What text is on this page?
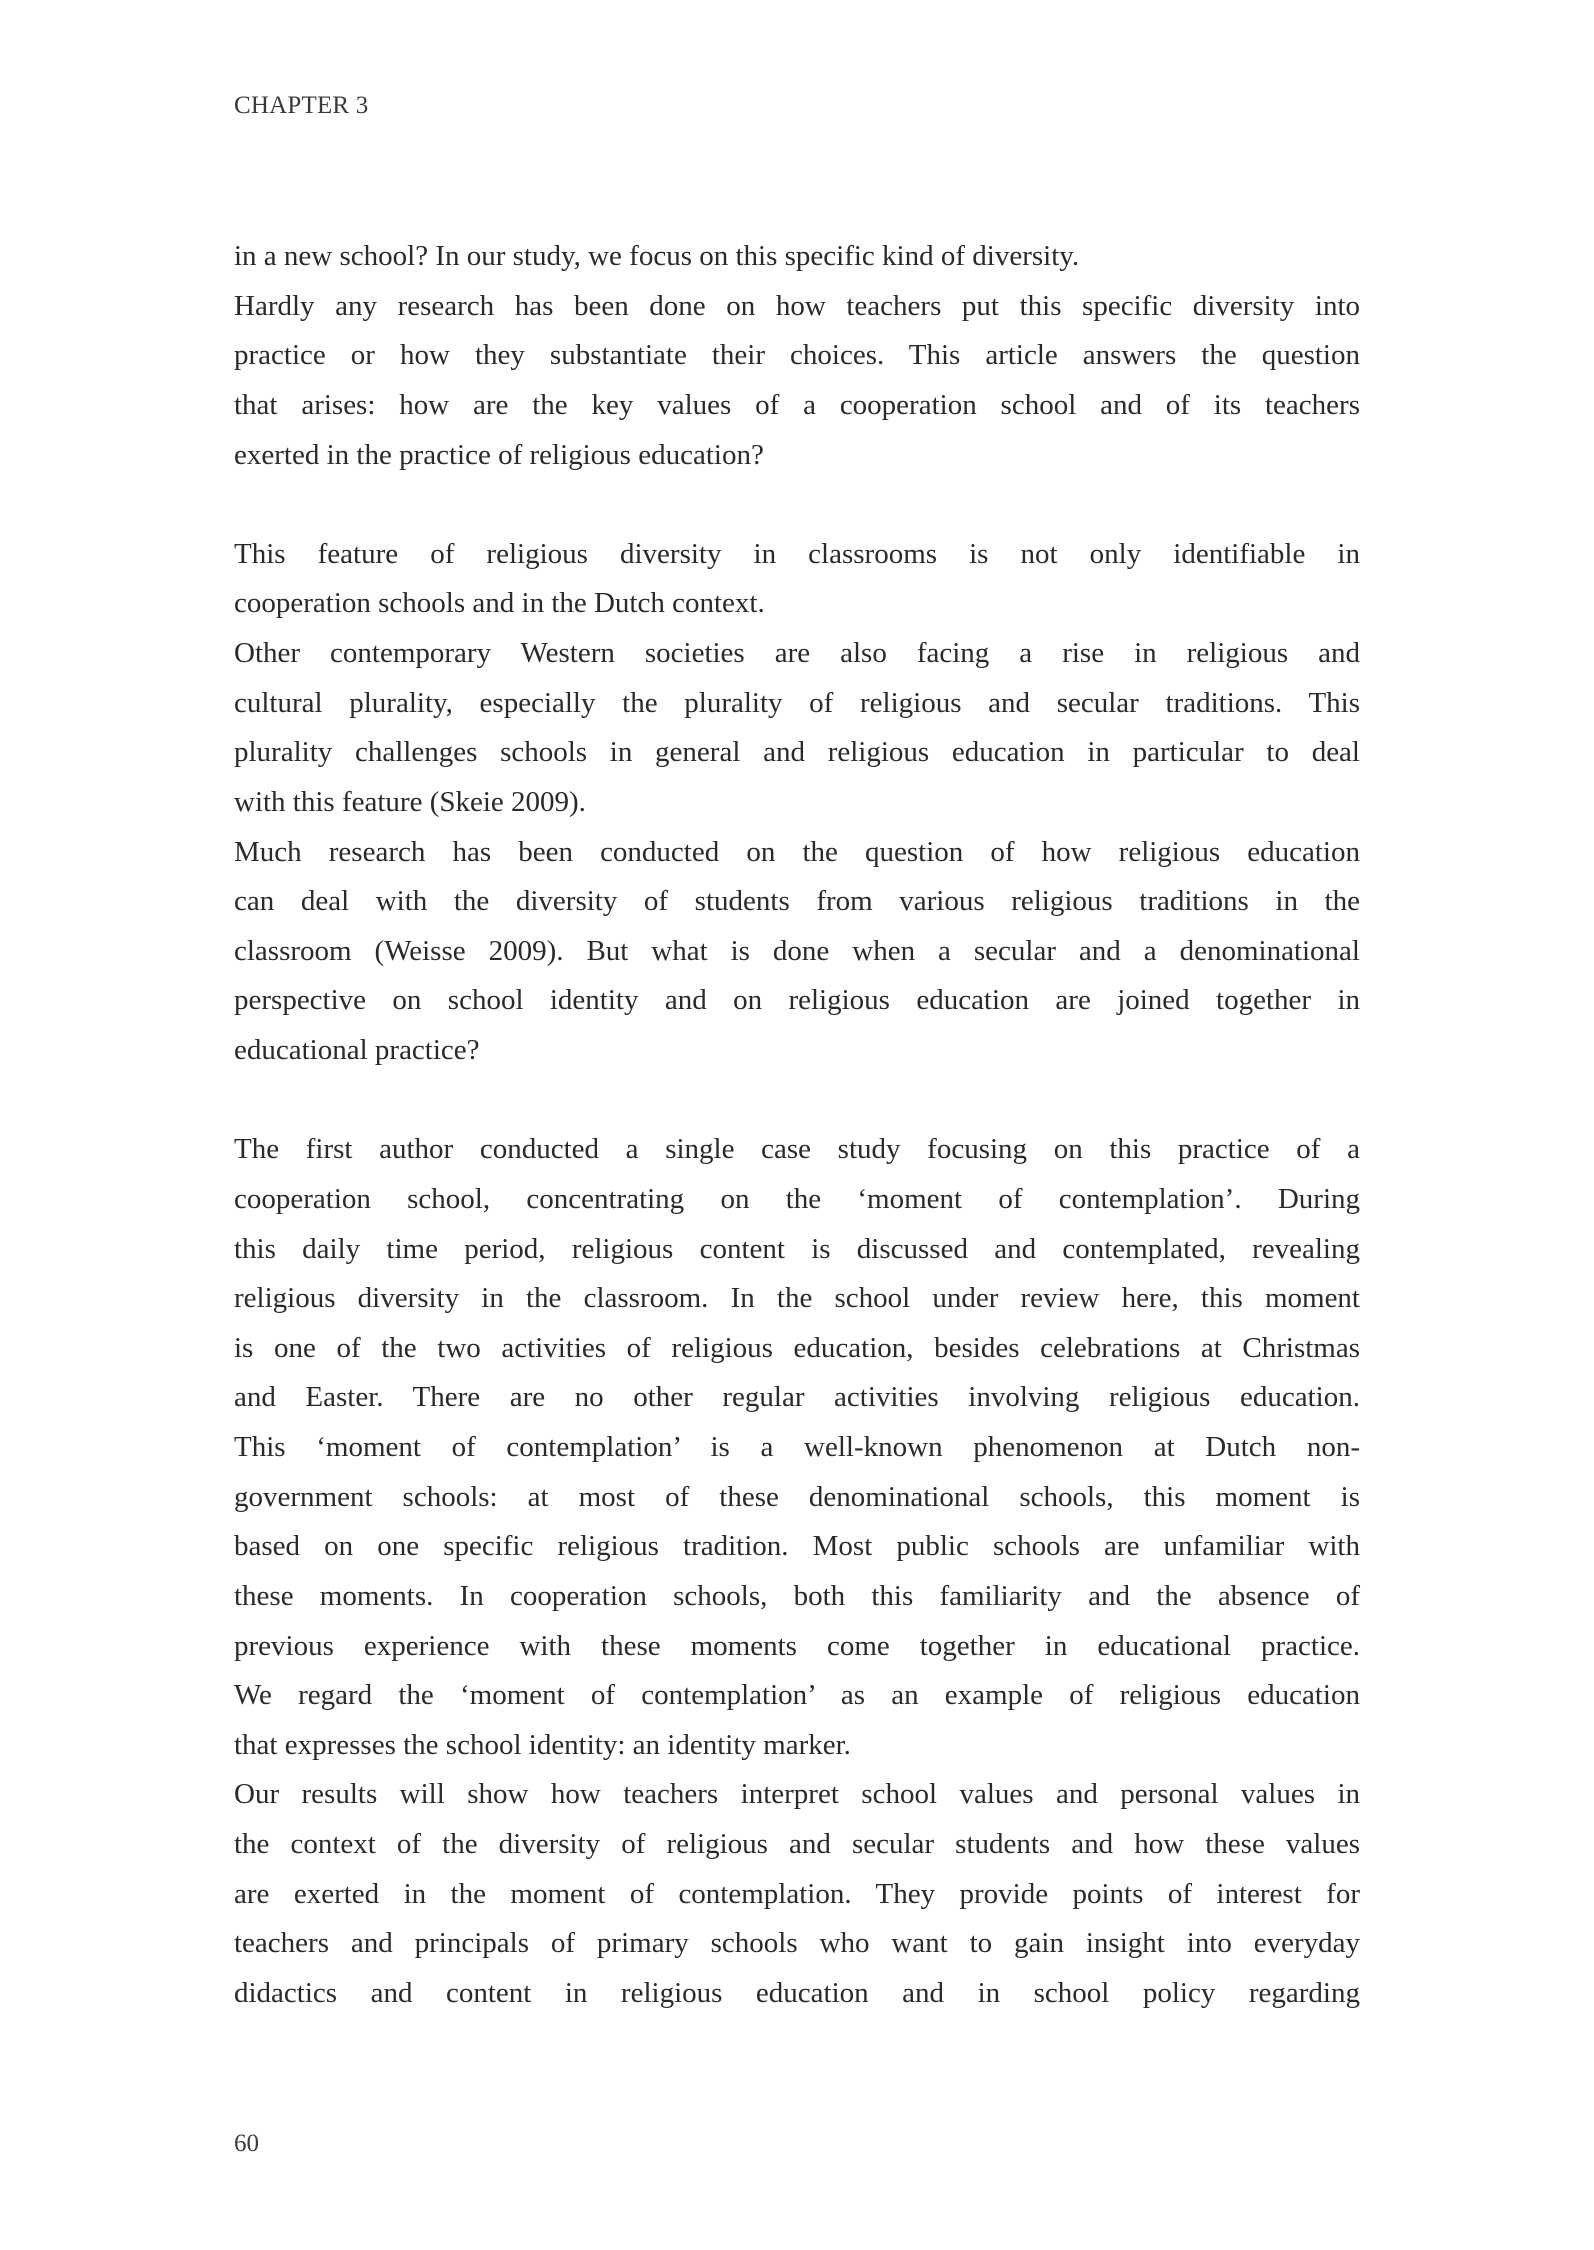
CHAPTER 3
in a new school? In our study, we focus on this specific kind of diversity.
Hardly any research has been done on how teachers put this specific diversity into
practice or how they substantiate their choices. This article answers the question
that arises: how are the key values of a cooperation school and of its teachers
exerted in the practice of religious education?
This feature of religious diversity in classrooms is not only identifiable in
cooperation schools and in the Dutch context.
Other contemporary Western societies are also facing a rise in religious and
cultural plurality, especially the plurality of religious and secular traditions. This
plurality challenges schools in general and religious education in particular to deal
with this feature (Skeie 2009).
Much research has been conducted on the question of how religious education
can deal with the diversity of students from various religious traditions in the
classroom (Weisse 2009). But what is done when a secular and a denominational
perspective on school identity and on religious education are joined together in
educational practice?
The first author conducted a single case study focusing on this practice of a
cooperation school, concentrating on the ‘moment of contemplation’. During
this daily time period, religious content is discussed and contemplated, revealing
religious diversity in the classroom. In the school under review here, this moment
is one of the two activities of religious education, besides celebrations at Christmas
and Easter. There are no other regular activities involving religious education.
This ‘moment of contemplation’ is a well-known phenomenon at Dutch non-
government schools: at most of these denominational schools, this moment is
based on one specific religious tradition. Most public schools are unfamiliar with
these moments. In cooperation schools, both this familiarity and the absence of
previous experience with these moments come together in educational practice.
We regard the ‘moment of contemplation’ as an example of religious education
that expresses the school identity: an identity marker.
Our results will show how teachers interpret school values and personal values in
the context of the diversity of religious and secular students and how these values
are exerted in the moment of contemplation. They provide points of interest for
teachers and principals of primary schools who want to gain insight into everyday
didactics and content in religious education and in school policy regarding
60
